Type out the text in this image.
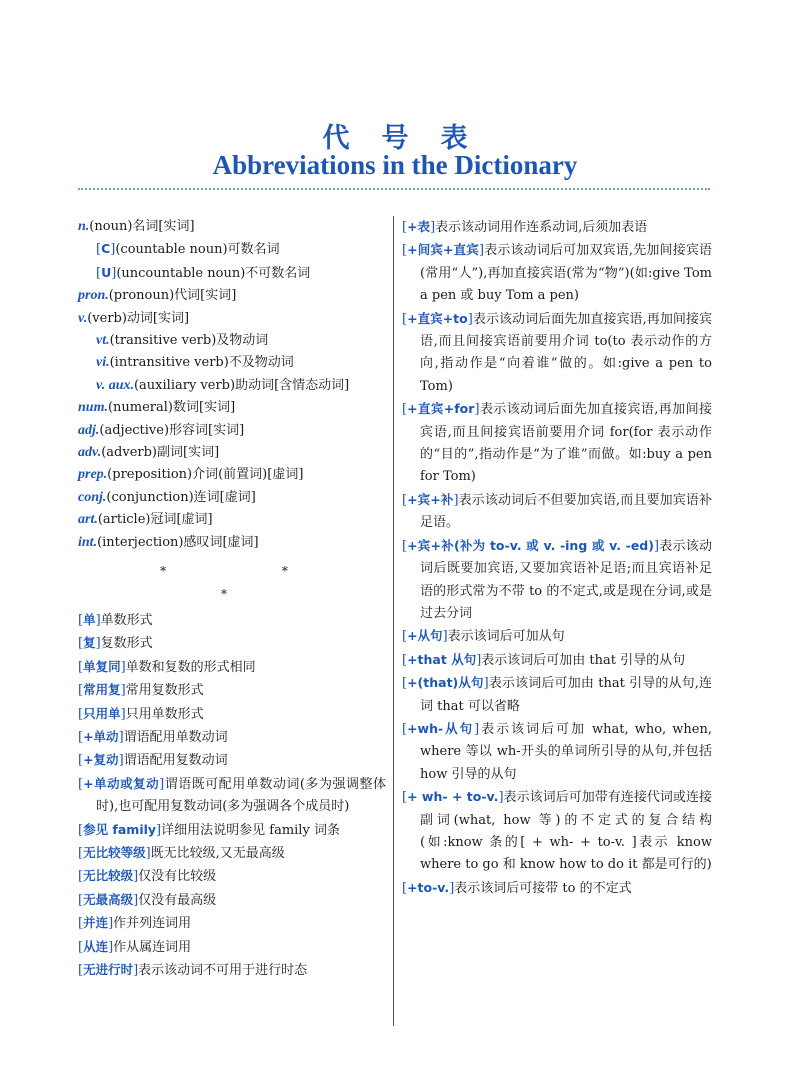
代号表
Abbreviations in the Dictionary
n.(noun)名词[实词]
[C](countable noun)可数名词
[U](uncountable noun)不可数名词
pron.(pronoun)代词[实词]
v.(verb)动词[实词]
vt.(transitive verb)及物动词
vi.(intransitive verb)不及物动词
v. aux.(auxiliary verb)助动词[含情态动词]
num.(numeral)数词[实词]
adj.(adjective)形容词[实词]
adv.(adverb)副词[实词]
prep.(preposition)介词(前置词)[虚词]
conj.(conjunction)连词[虚词]
art.(article)冠词[虚词]
int.(interjection)感叹词[虚词]
* * *
[单]单数形式
[复]复数形式
[单复同]单数和复数的形式相同
[常用复]常用复数形式
[只用单]只用单数形式
[+单动]谓语配用单数动词
[+复动]谓语配用复数动词
[+单动或复动]谓语既可配用单数动词(多为强调整体时),也可配用复数动词(多为强调各个成员时)
[参见 family]详细用法说明参见 family 词条
[无比较等级]既无比较级,又无最高级
[无比较级]仅没有比较级
[无最高级]仅没有最高级
[并连]作并列连词用
[从连]作从属连词用
[无进行时]表示该动词不可用于进行时态
[+表]表示该动词用作连系动词,后须加表语
[+间宾+直宾]表示该动词后可加双宾语,先加间接宾语(常用“人”),再加直接宾语(常为“物”)(如:give Tom a pen 或 buy Tom a pen)
[+直宾+to]表示该动词后面先加直接宾语,再加间接宾语,而且间接宾语前要用介词 to(to 表示动作的方向,指动作是“向着谁”做的。如:give a pen to Tom)
[+直宾+for]表示该动词后面先加直接宾语,再加间接宾语,而且间接宾语前要用介词 for(for 表示动作的“目的”,指动作是“为了谁”而做。如:buy a pen for Tom)
[+宾+补]表示该动词后不但要加宾语,而且要加宾语补足语。
[+宾+补(补为 to-v. 或 v. -ing 或 v. -ed)]表示该动词后既要加宾语,又要加宾语补足语;而且宾语补足语的形式常为不带 to 的不定式,或是现在分词,或是过去分词
[+从句]表示该词后可加从句
[+that 从句]表示该词后可加由 that 引导的从句
[+(that)从句]表示该词后可加由 that 引导的从句,连词 that 可以省略
[+wh-从句]表示该词后可加 what, who, when, where 等以 wh-开头的单词所引导的从句,并包括 how 引导的从句
[+ wh- + to-v.]表示该词后可加带有连接代词或连接副词(what, how 等)的不定式的复合结构(如:know 条的[ + wh- + to-v. ]表示 know where to go 和 know how to do it 都是可行的)
[+to-v.]表示该词后可接带 to 的不定式
